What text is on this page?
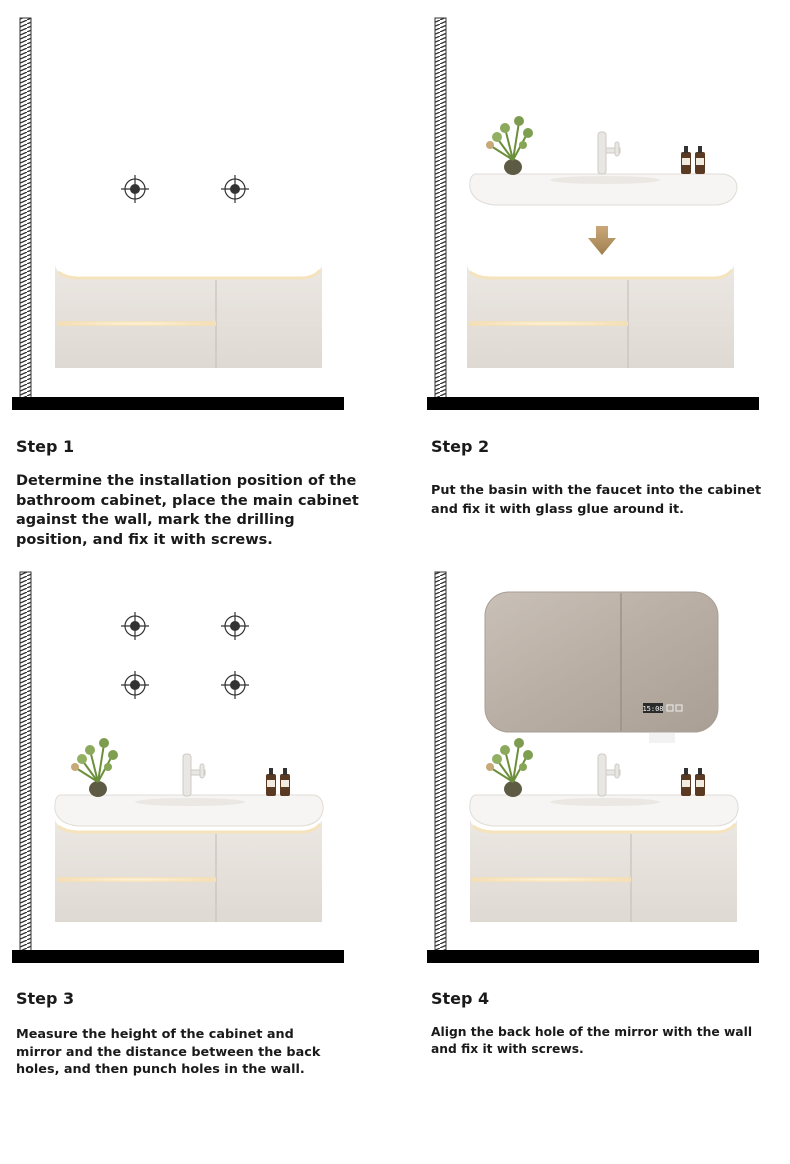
Step 1
Determine the installation position of the
bathroom cabinet, place the main cabinet
against the wall, mark the drilling
position, and fix it with screws.
Step 2
Put the basin with the faucet into the cabinet
and fix it with glass glue around it.
Step 3
Measure the height of the cabinet and
mirror and the distance between the back
holes, and then punch holes in the wall.
15:08
Step 4
Align the back hole of the mirror with the wall
and fix it with screws.
